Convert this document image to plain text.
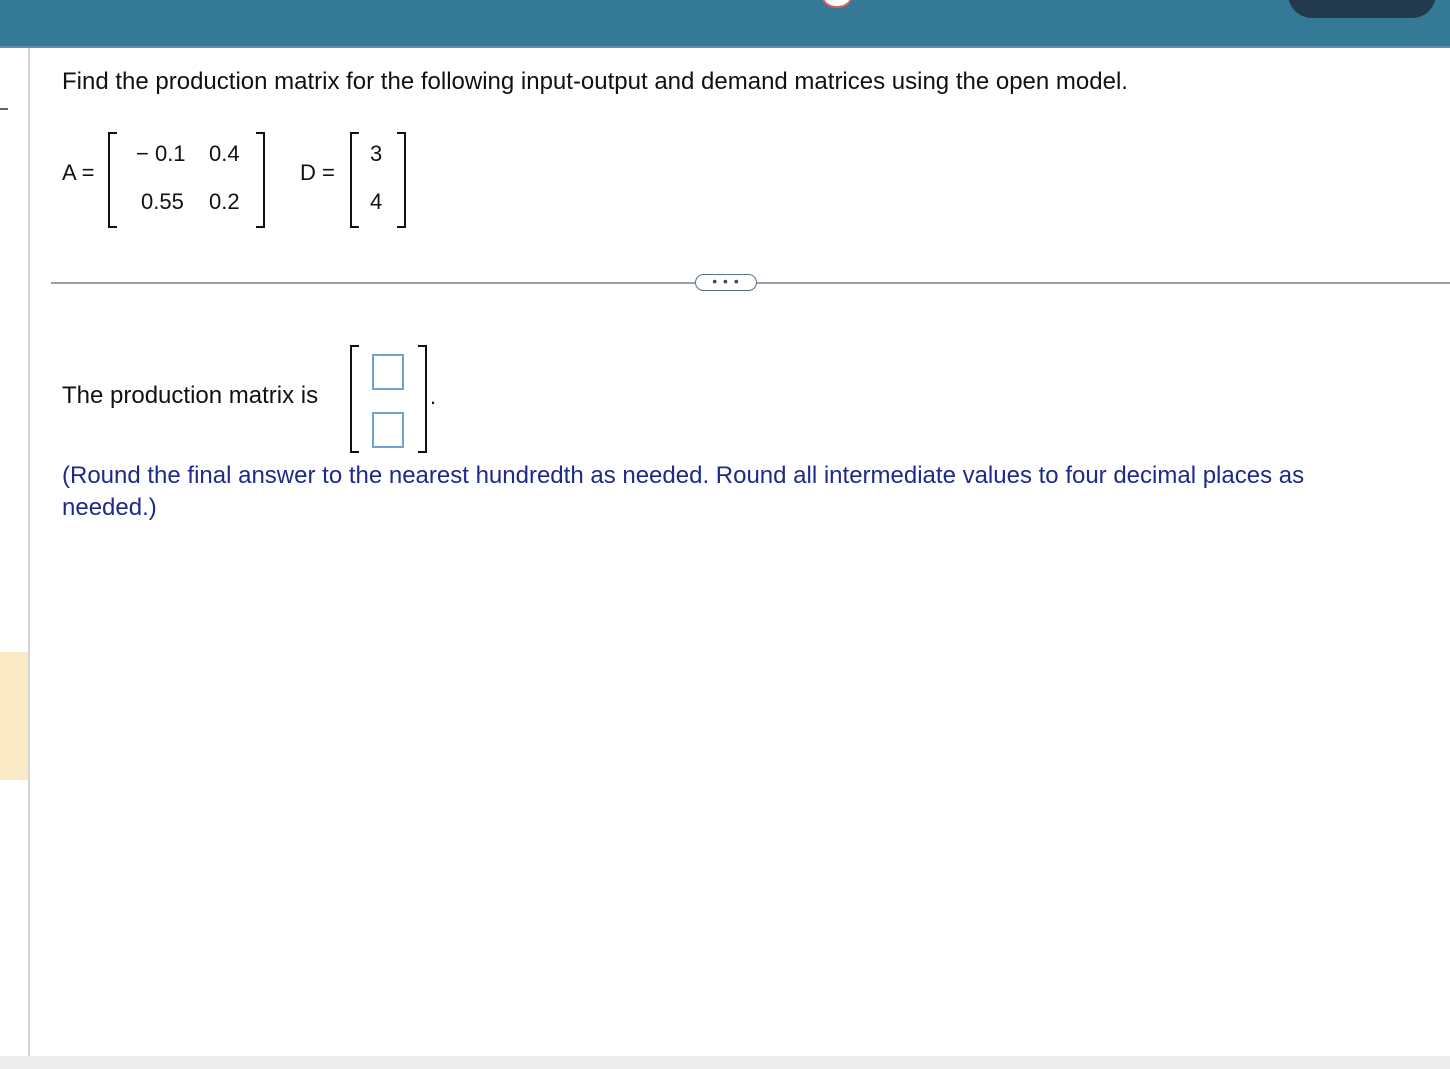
Find the production matrix for the following input-output and demand matrices using the open model.
A =
− 0.1 0.4
0.55 0.2
D =
3
4
• • •
The production matrix is	.
(Round the final answer to the nearest hundredth as needed. Round all intermediate values to four decimal places as needed.)
